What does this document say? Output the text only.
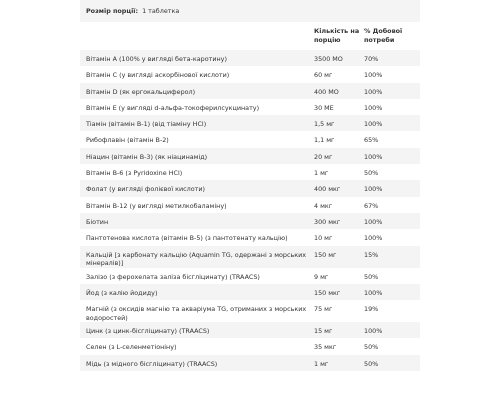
Розмір порції: 1 таблетка
Кількість на порцію
% Добової потреби
Вітамін A (100% у вигляді бета-каротину)	3500 МО	70%
Вітамін C (у вигляді аскорбінової кислоти)	60 мг	100%
Вітамін D (як ергокальциферол)	400 МО	100%
Вітамін E (у вигляді d-альфа-токоферилсукцинату)	30 МЕ	100%
Тіамін (вітамін B-1) (від тіаміну HCl)	1,5 мг	100%
Рибофлавін (вітамін B-2)	1,1 мг	65%
Ніацин (вітамін B-3) (як ніацинамід)	20 мг	100%
Вітамін B-6 (з Pyridoxine HCl)	1 мг	50%
Фолат (у вигляді фолієвої кислоти)	400 мкг	100%
Вітамін B-12 (у вигляді метилкобаламіну)	4 мкг	67%
Біотин	300 мкг	100%
Пантотенова кислота (вітамін B-5) (з пантотенату кальцію)	10 мг	100%
Кальцій [з карбонату кальцію (Aquamin TG, одержані з морських мінералів)]
150 мг	15%
Залізо (з ферохелата заліза бісгліцинату) (TRAACS)	9 мг	50%
Йод (з калію йодиду)	150 мкг	100%
Магній (з оксидів магнію та акваріума TG, отриманих з морських водоростей)
75 мг	19%
Цинк (з цинк-бісгліцинату) (TRAACS)	15 мг	100%
Селен (з L-селенметіоніну)	35 мкг	50%
Мідь (з мідного бісгліцинату) (TRAACS)	1 мг	50%
